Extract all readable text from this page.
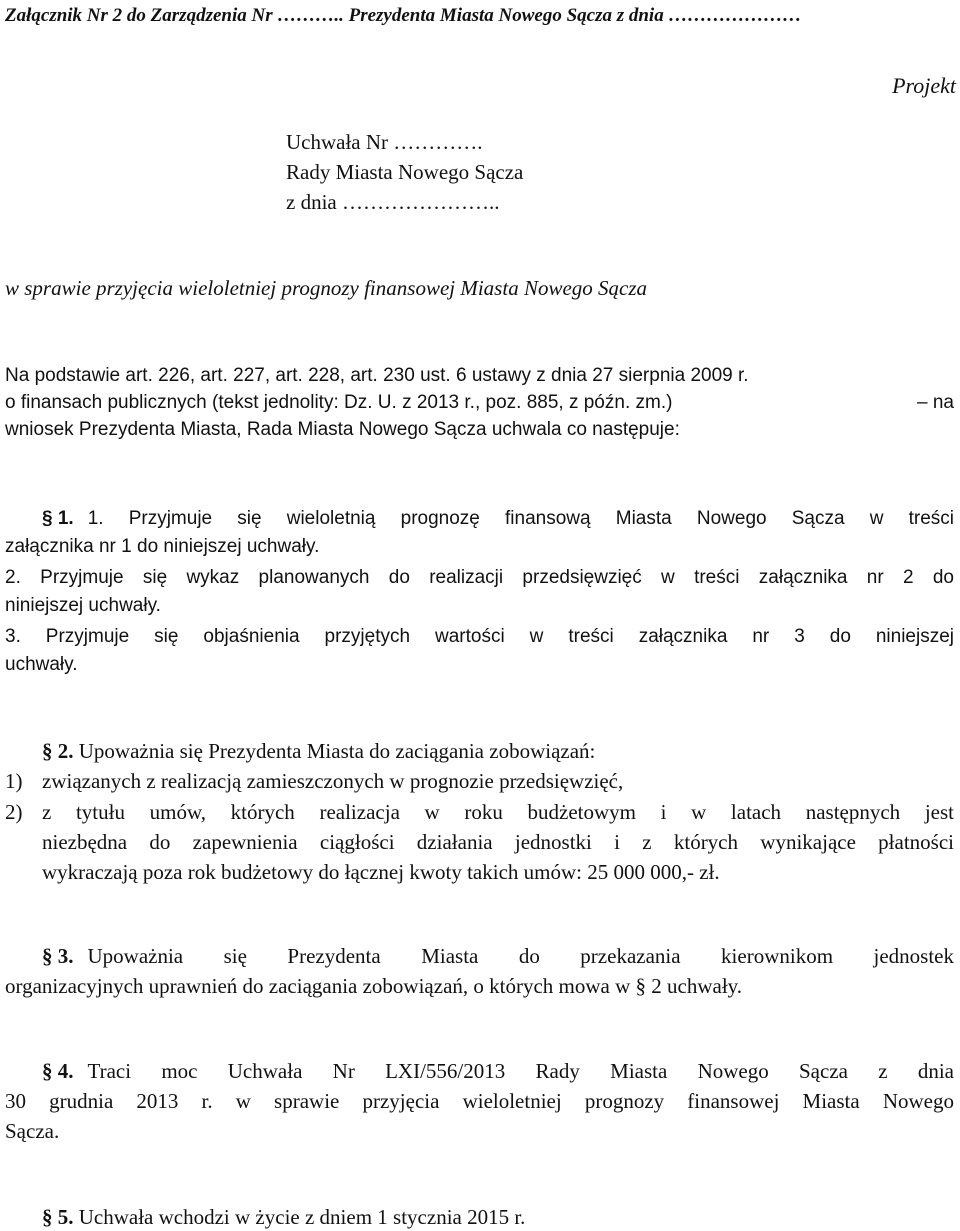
Załącznik Nr 2 do Zarządzenia Nr ……….. Prezydenta Miasta Nowego Sącza z dnia …………………
Projekt
Uchwała Nr ………….
Rady Miasta Nowego Sącza
z dnia …………………..
w sprawie przyjęcia wieloletniej prognozy finansowej Miasta Nowego Sącza
Na podstawie art. 226, art. 227, art. 228, art. 230 ust. 6 ustawy z dnia 27 sierpnia 2009 r.
o finansach publicznych (tekst jednolity: Dz. U. z 2013 r., poz. 885, z późn. zm.)	– na
wniosek Prezydenta Miasta, Rada Miasta Nowego Sącza uchwala co następuje:
§ 1. 1. Przyjmuje się wieloletnią prognozę finansową Miasta Nowego Sącza w treści
załącznika nr 1 do niniejszej uchwały.
2. Przyjmuje się wykaz planowanych do realizacji przedsięwzięć w treści załącznika nr 2 do
niniejszej uchwały.
3. Przyjmuje się objaśnienia przyjętych wartości w treści załącznika nr 3 do niniejszej
uchwały.
§ 2. Upoważnia się Prezydenta Miasta do zaciągania zobowiązań:
1) związanych z realizacją zamieszczonych w prognozie przedsięwzięć,
2) z tytułu umów, których realizacja w roku budżetowym i w latach następnych jest
niezbędna do zapewnienia ciągłości działania jednostki i z których wynikające płatności
wykraczają poza rok budżetowy do łącznej kwoty takich umów: 25 000 000,- zł.
§ 3. Upoważnia się Prezydenta Miasta do przekazania kierownikom jednostek
organizacyjnych uprawnień do zaciągania zobowiązań, o których mowa w § 2 uchwały.
§ 4. Traci moc Uchwała Nr LXI/556/2013 Rady Miasta Nowego Sącza z dnia
30 grudnia 2013 r. w sprawie przyjęcia wieloletniej prognozy finansowej Miasta Nowego
Sącza.
§ 5. Uchwała wchodzi w życie z dniem 1 stycznia 2015 r.
